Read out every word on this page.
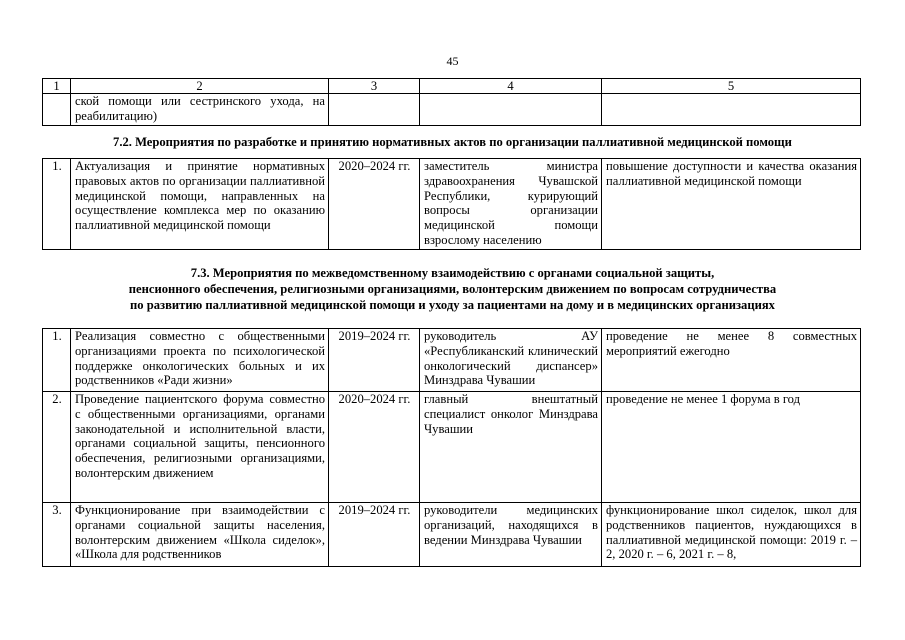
45
1	2	3	4	5
	ской помощи или сестринского ухода, на реабилитацию)			
7.2. Мероприятия по разработке и принятию нормативных актов по организации паллиативной медицинской помощи
1.	Актуализация и принятие нормативных правовых актов по организации паллиативной медицинской помощи, направленных на осуществление комплекса мер по оказанию паллиативной медицинской помощи	2020–2024 гг.	заместитель министра здравоохранения Чувашской Республики, курирующий вопросы организации медицинской помощи взрослому населению	повышение доступности и качества оказания паллиативной медицинской помощи
7.3. Мероприятия по межведомственному взаимодействию с органами социальной защиты,
пенсионного обеспечения, религиозными организациями, волонтерским движением по вопросам сотрудничества
по развитию паллиативной медицинской помощи и уходу за пациентами на дому и в медицинских организациях
1.	Реализация совместно с общественными организациями проекта по психологической поддержке онкологических больных и их родственников «Ради жизни»	2019–2024 гг.	руководитель АУ «Республиканский клинический онкологический диспансер» Минздрава Чувашии	проведение не менее 8 совместных мероприятий ежегодно
2.	Проведение пациентского форума совместно с общественными организациями, органами законодательной и исполнительной власти, органами социальной защиты, пенсионного обеспечения, религиозными организациями, волонтерским движением	2020–2024 гг.	главный внештатный специалист онколог Минздрава Чувашии	проведение не менее 1 форума в год
3.	Функционирование при взаимодействии с органами социальной защиты населения, волонтерским движением «Школа сиделок», «Школа для родственников	2019–2024 гг.	руководители медицинских организаций, находящихся в ведении Минздрава Чувашии	функционирование школ сиделок, школ для родственников пациентов, нуждающихся в паллиативной медицинской помощи: 2019 г. – 2, 2020 г. – 6, 2021 г. – 8,
